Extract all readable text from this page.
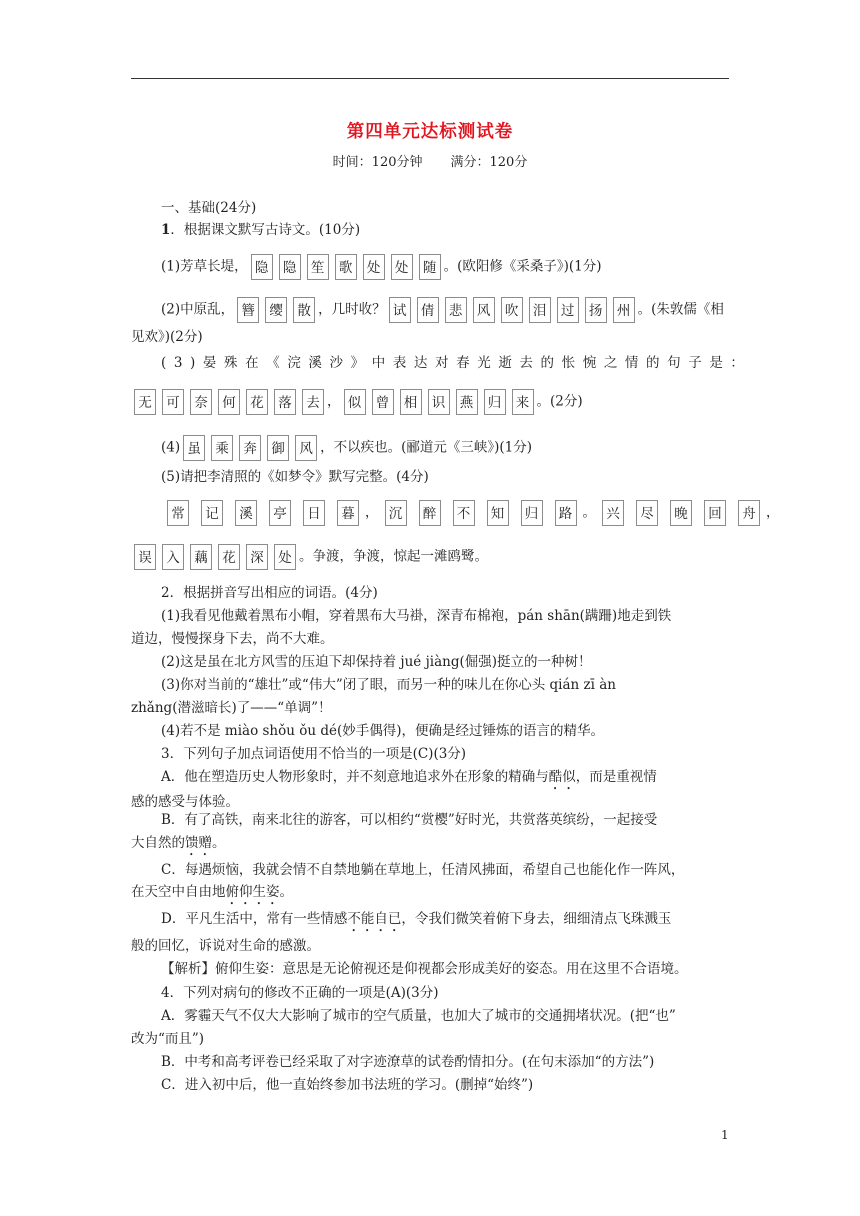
第四单元达标测试卷
时间：120分钟 满分：120分
一、基础(24分)
1．根据课文默写古诗文。(10分)
(1)芳草长堤， 隐	隐	笙	歌	处	处	随 。(欧阳修《采桑子》)(1分)
(2)中原乱， 簪	缨	散 ，几时收？ 试	倩	悲	风	吹	泪	过	扬	州 。(朱敦儒《相
见欢》)(2分)
(3)晏殊在《浣溪沙》中表达对春光逝去的怅惋之情的句子是：
无	可	奈	何	花	落	去 ， 似	曾	相	识	燕	归	来 。(2分)
(4) 虽	乘	奔	御	风 ，不以疾也。(郦道元《三峡》)(1分)
(5)请把李清照的《如梦令》默写完整。(4分)
常	记	溪	亭	日	暮 ， 沉	醉	不	知	归	路 。 兴	尽	晚	回	舟 ，
误	入	藕	花	深	处 。争渡，争渡，惊起一滩鸥鹭。
2．根据拼音写出相应的词语。(4分)
(1)我看见他戴着黑布小帽，穿着黑布大马褂，深青布棉袍，pán shān(蹒跚)地走到铁
道边，慢慢探身下去，尚不大难。
(2)这是虽在北方风雪的压迫下却保持着 jué jiàng(倔强)挺立的一种树！
(3)你对当前的“雄壮”或“伟大”闭了眼，而另一种的味儿在你心头 qián zī àn
zhǎng(潜滋暗长)了——“单调”！
(4)若不是 miào shǒu ǒu dé(妙手偶得)，便确是经过锤炼的语言的精华。
3．下列句子加点词语使用不恰当的一项是(C)(3分)
A．他在塑造历史人物形象时，并不刻意地追求外在形象的精确与酷似，而是重视情
感的感受与体验。
B．有了高铁，南来北往的游客，可以相约“赏樱”好时光，共赏落英缤纷，一起接受
大自然的馈赠。
C．每遇烦恼，我就会情不自禁地躺在草地上，任清风拂面，希望自己也能化作一阵风，
在天空中自由地俯仰生姿。
D．平凡生活中，常有一些情感不能自已，令我们微笑着俯下身去，细细清点飞珠溅玉
般的回忆，诉说对生命的感激。
【解析】俯仰生姿：意思是无论俯视还是仰视都会形成美好的姿态。用在这里不合语境。
4．下列对病句的修改不正确的一项是(A)(3分)
A．雾霾天气不仅大大影响了城市的空气质量，也加大了城市的交通拥堵状况。(把“也”
改为“而且”)
B．中考和高考评卷已经采取了对字迹潦草的试卷酌情扣分。(在句末添加“的方法”)
C．进入初中后，他一直始终参加书法班的学习。(删掉“始终”)
1
